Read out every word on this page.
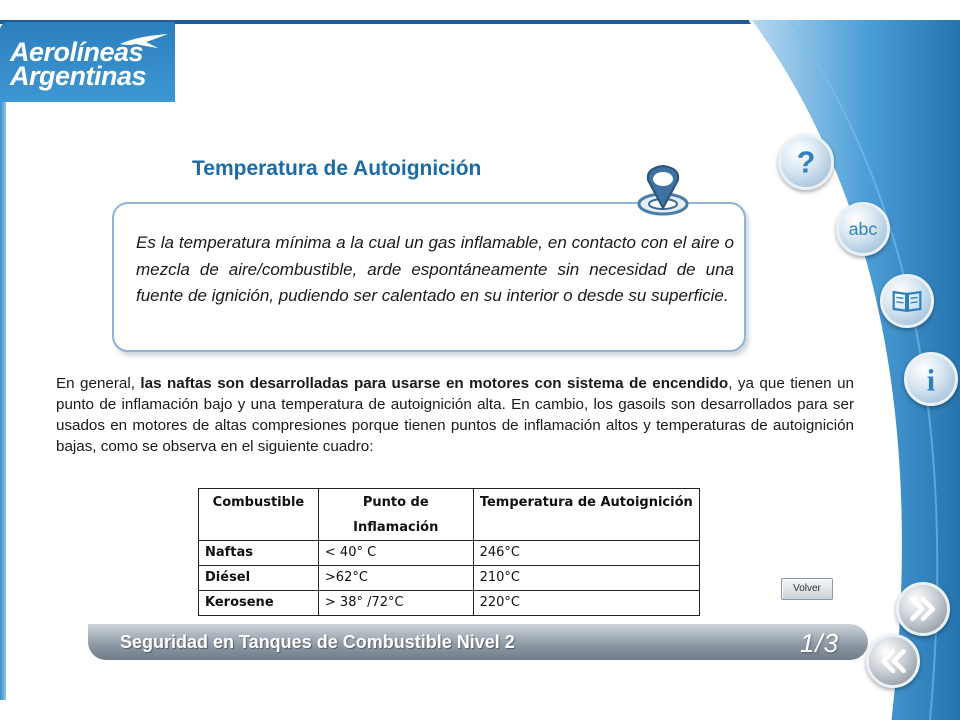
Aerolíneas
Argentinas
Temperatura de Autoignición
Es la temperatura mínima a la cual un gas inflamable, en contacto con el aire o mezcla de aire/combustible, arde espontáneamente sin necesidad de una fuente de ignición, pudiendo ser calentado en su interior o desde su superficie.
En general, las naftas son desarrolladas para usarse en motores con sistema de encendido, ya que tienen un punto de inflamación bajo y una temperatura de autoignición alta. En cambio, los gasoils son desarrollados para ser usados en motores de altas compresiones porque tienen puntos de inflamación altos y temperaturas de autoignición bajas, como se observa en el siguiente cuadro:
Combustible	Punto de Inflamación	Temperatura de Autoignición
Naftas	< 40° C	246°C
Diésel	>62°C	210°C
Kerosene	> 38° /72°C	220°C
Volver
?
abc
i
Seguridad en Tanques de Combustible Nivel 2	1/3
